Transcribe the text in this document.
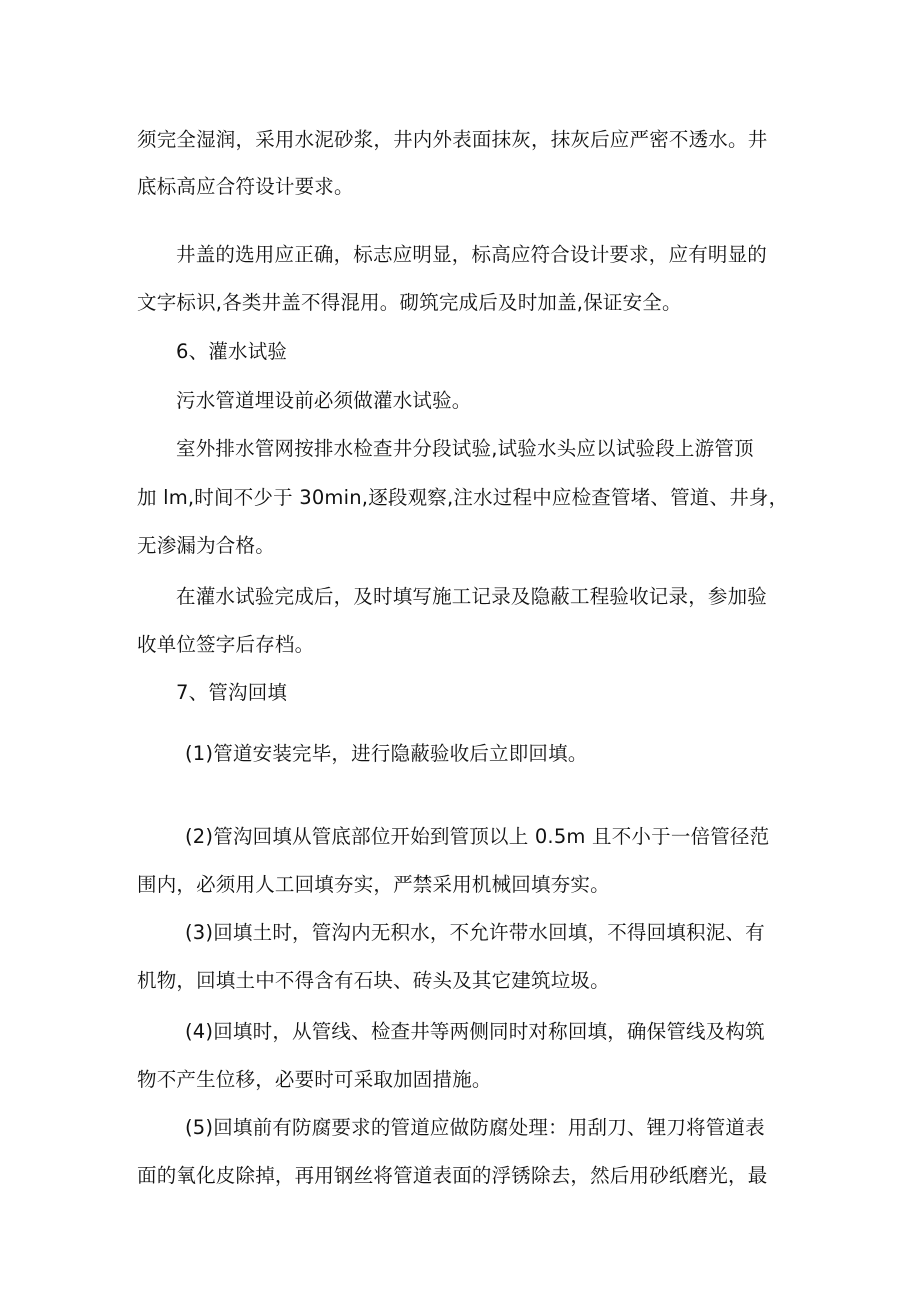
须完全湿润，采用水泥砂浆，井内外表面抹灰，抹灰后应严密不透水。井
底标高应合符设计要求。
井盖的选用应正确，标志应明显，标高应符合设计要求，应有明显的
文字标识,各类井盖不得混用。砌筑完成后及时加盖,保证安全。
6、灌水试验
污水管道埋设前必须做灌水试验。
室外排水管网按排水检查井分段试验,试验水头应以试验段上游管顶
加 lm,时间不少于 30min,逐段观察,注水过程中应检查管堵、管道、井身，
无渗漏为合格。
在灌水试验完成后，及时填写施工记录及隐蔽工程验收记录，参加验
收单位签字后存档。
7、管沟回填
(1)管道安装完毕，进行隐蔽验收后立即回填。
(2)管沟回填从管底部位开始到管顶以上 0.5m 且不小于一倍管径范
围内，必须用人工回填夯实，严禁采用机械回填夯实。
(3)回填土时，管沟内无积水，不允许带水回填，不得回填积泥、有
机物，回填土中不得含有石块、砖头及其它建筑垃圾。
(4)回填时，从管线、检查井等两侧同时对称回填，确保管线及构筑
物不产生位移，必要时可采取加固措施。
(5)回填前有防腐要求的管道应做防腐处理：用刮刀、锂刀将管道表
面的氧化皮除掉，再用钢丝将管道表面的浮锈除去，然后用砂纸磨光，最
